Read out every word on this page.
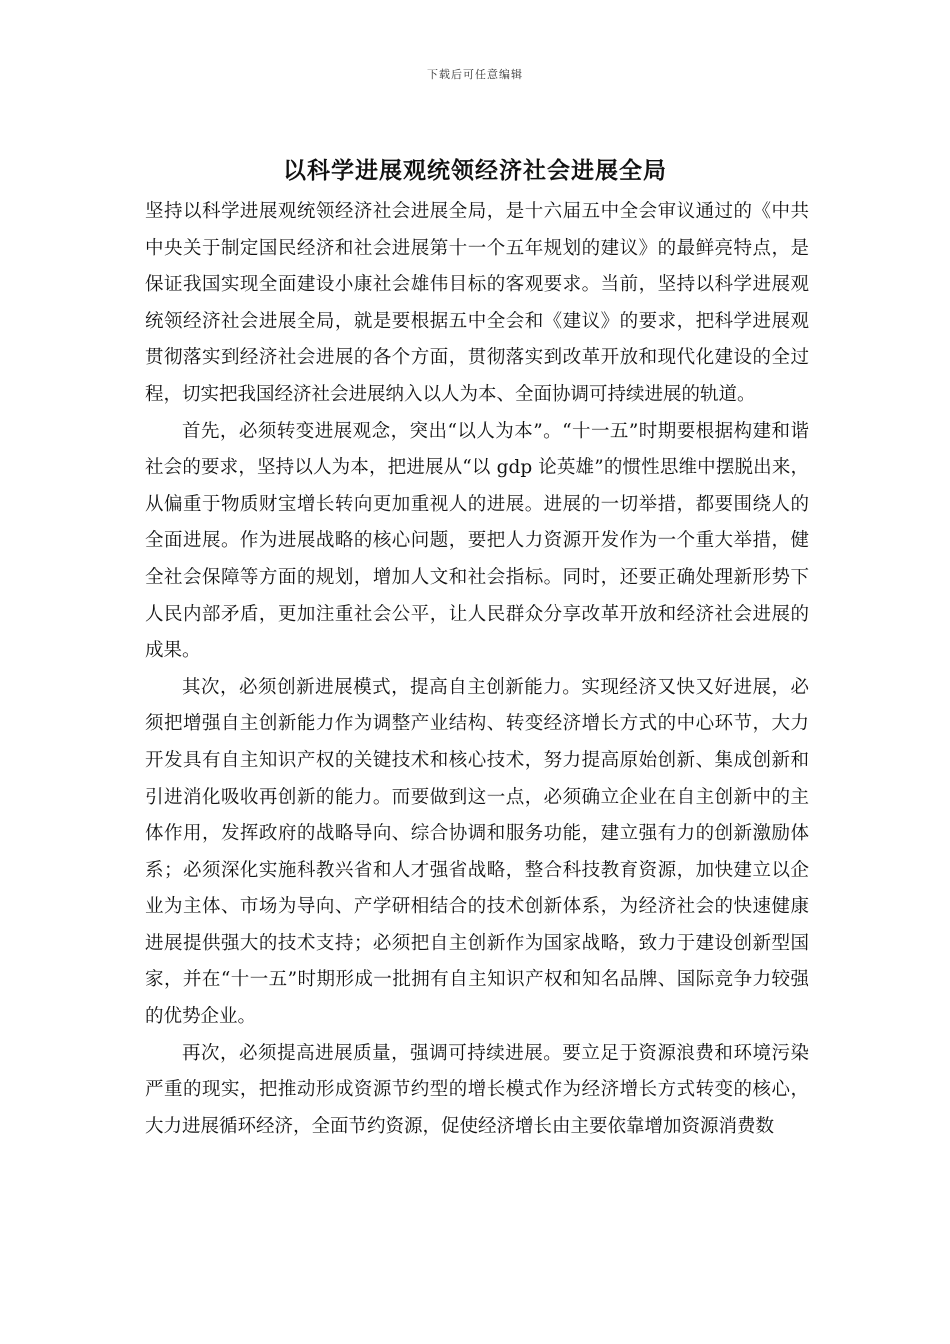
下载后可任意编辑
以科学进展观统领经济社会进展全局

坚持以科学进展观统领经济社会进展全局，是十六届五中全会审议通过的《中共中央关于制定国民经济和社会进展第十一个五年规划的建议》的最鲜亮特点，是保证我国实现全面建设小康社会雄伟目标的客观要求。当前，坚持以科学进展观统领经济社会进展全局，就是要根据五中全会和《建议》的要求，把科学进展观贯彻落实到经济社会进展的各个方面，贯彻落实到改革开放和现代化建设的全过程，切实把我国经济社会进展纳入以人为本、全面协调可持续进展的轨道。

首先，必须转变进展观念，突出“以人为本”。“十一五”时期要根据构建和谐社会的要求，坚持以人为本，把进展从“以 gdp 论英雄”的惯性思维中摆脱出来，从偏重于物质财宝增长转向更加重视人的进展。进展的一切举措，都要围绕人的全面进展。作为进展战略的核心问题，要把人力资源开发作为一个重大举措，健全社会保障等方面的规划，增加人文和社会指标。同时，还要正确处理新形势下人民内部矛盾，更加注重社会公平，让人民群众分享改革开放和经济社会进展的成果。

其次，必须创新进展模式，提高自主创新能力。实现经济又快又好进展，必须把增强自主创新能力作为调整产业结构、转变经济增长方式的中心环节，大力开发具有自主知识产权的关键技术和核心技术，努力提高原始创新、集成创新和引进消化吸收再创新的能力。而要做到这一点，必须确立企业在自主创新中的主体作用，发挥政府的战略导向、综合协调和服务功能，建立强有力的创新激励体系；必须深化实施科教兴省和人才强省战略，整合科技教育资源，加快建立以企业为主体、市场为导向、产学研相结合的技术创新体系，为经济社会的快速健康进展提供强大的技术支持；必须把自主创新作为国家战略，致力于建设创新型国家，并在“十一五”时期形成一批拥有自主知识产权和知名品牌、国际竞争力较强的优势企业。

再次，必须提高进展质量，强调可持续进展。要立足于资源浪费和环境污染严重的现实，把推动形成资源节约型的增长模式作为经济增长方式转变的核心，大力进展循环经济，全面节约资源，促使经济增长由主要依靠增加资源消费数
